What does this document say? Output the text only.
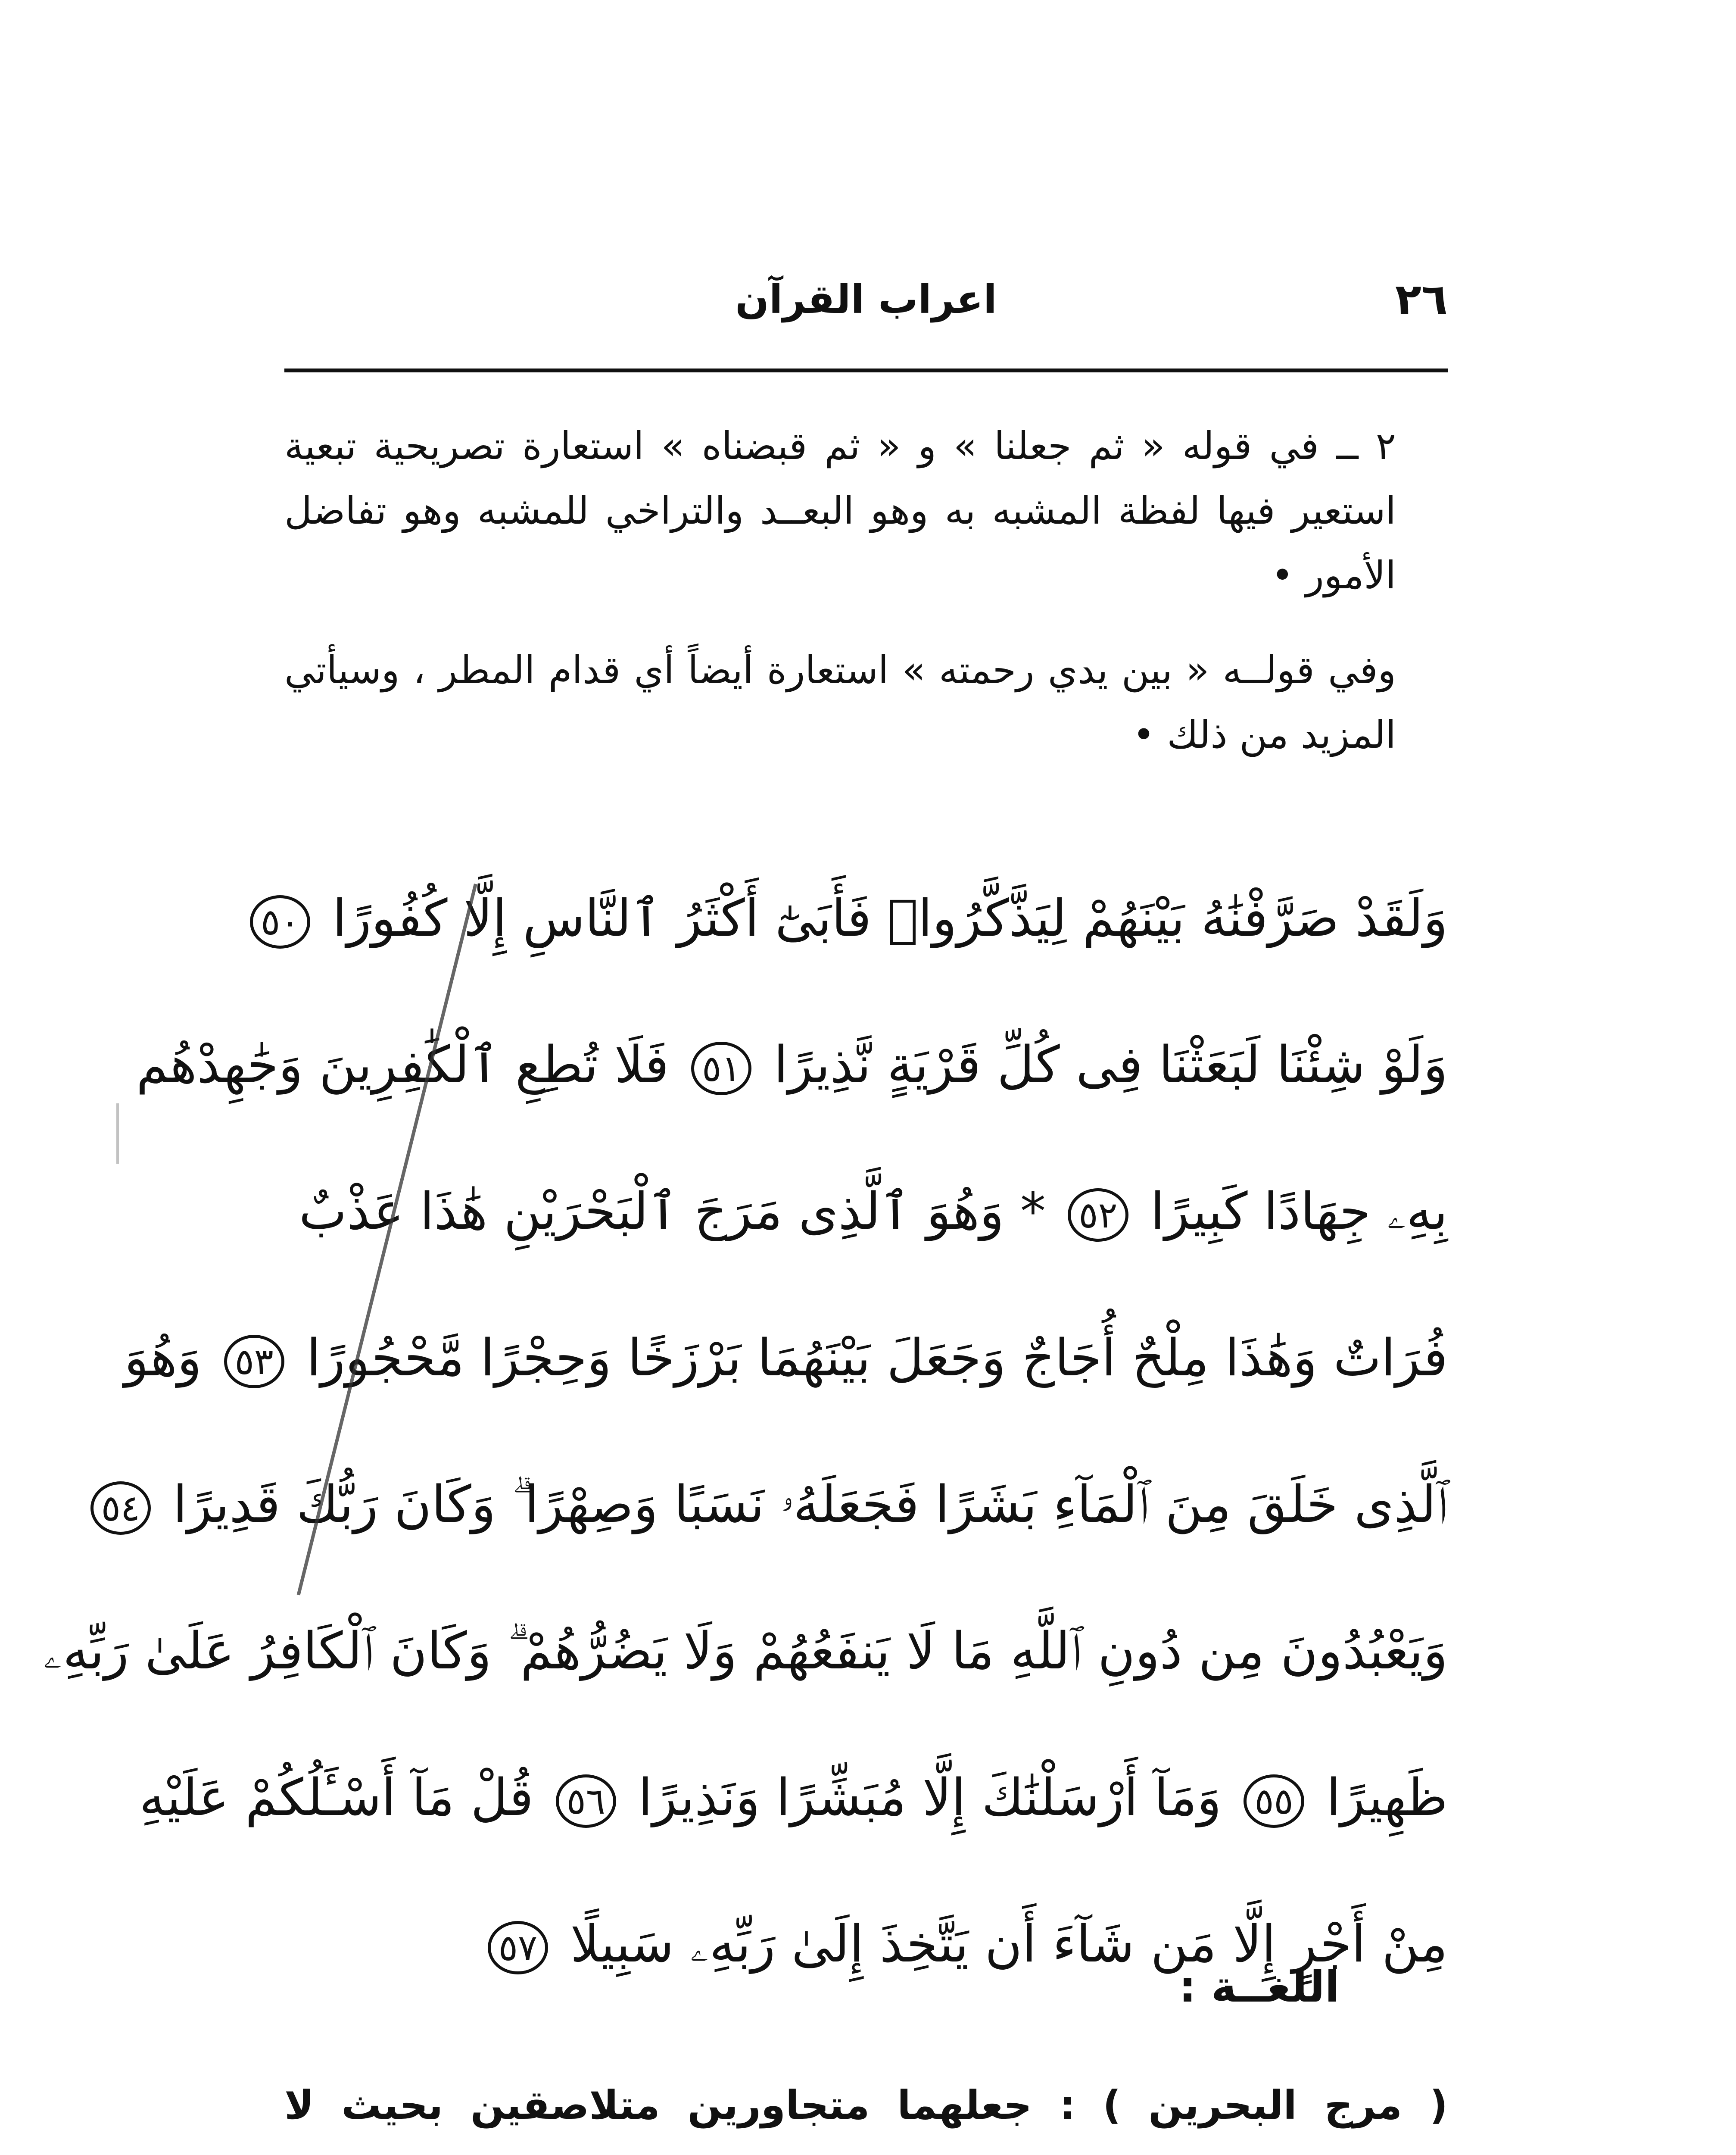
٢٦
اعراب القرآن

٢ ــ في قوله « ثم جعلنا » و « ثم قبضناه » استعارة تصريحية تبعية استعير فيها لفظة المشبه به وهو البعــد والتراخي للمشبه وهو تفاضل الأمور •

وفي قولــه « بين يدي رحمته » استعارة أيضاً أي قدام المطر ، وسيأتي المزيد من ذلك •

وَلَقَدْ صَرَّفْنَٰهُ بَيْنَهُمْ لِيَذَّكَّرُوا۟ فَأَبَىٰٓ أَكْثَرُ ٱلنَّاسِ إِلَّا كُفُورًا ٥٠
وَلَوْ شِئْنَا لَبَعَثْنَا فِى كُلِّ قَرْيَةٍ نَّذِيرًا ٥١ فَلَا تُطِعِ ٱلْكَٰفِرِينَ وَجَٰهِدْهُم
بِهِۦ جِهَادًا كَبِيرًا ٥٢ * وَهُوَ ٱلَّذِى مَرَجَ ٱلْبَحْرَيْنِ هَٰذَا عَذْبٌ
فُرَاتٌ وَهَٰذَا مِلْحٌ أُجَاجٌ وَجَعَلَ بَيْنَهُمَا بَرْزَخًا وَحِجْرًا مَّحْجُورًا ٥٣ وَهُوَ
ٱلَّذِى خَلَقَ مِنَ ٱلْمَآءِ بَشَرًا فَجَعَلَهُۥ نَسَبًا وَصِهْرًا ۗ وَكَانَ رَبُّكَ قَدِيرًا ٥٤
وَيَعْبُدُونَ مِن دُونِ ٱللَّهِ مَا لَا يَنفَعُهُمْ وَلَا يَضُرُّهُمْ ۗ وَكَانَ ٱلْكَافِرُ عَلَىٰ رَبِّهِۦ
ظَهِيرًا ٥٥ وَمَآ أَرْسَلْنَٰكَ إِلَّا مُبَشِّرًا وَنَذِيرًا ٥٦ قُلْ مَآ أَسْـَٔلُكُمْ عَلَيْهِ
مِنْ أَجْرٍ إِلَّا مَن شَآءَ أَن يَتَّخِذَ إِلَىٰ رَبِّهِۦ سَبِيلًا ٥٧
اللغــة :

( مرج البحرين ) : جعلهما متجاورين متلاصقين بحيث لا
